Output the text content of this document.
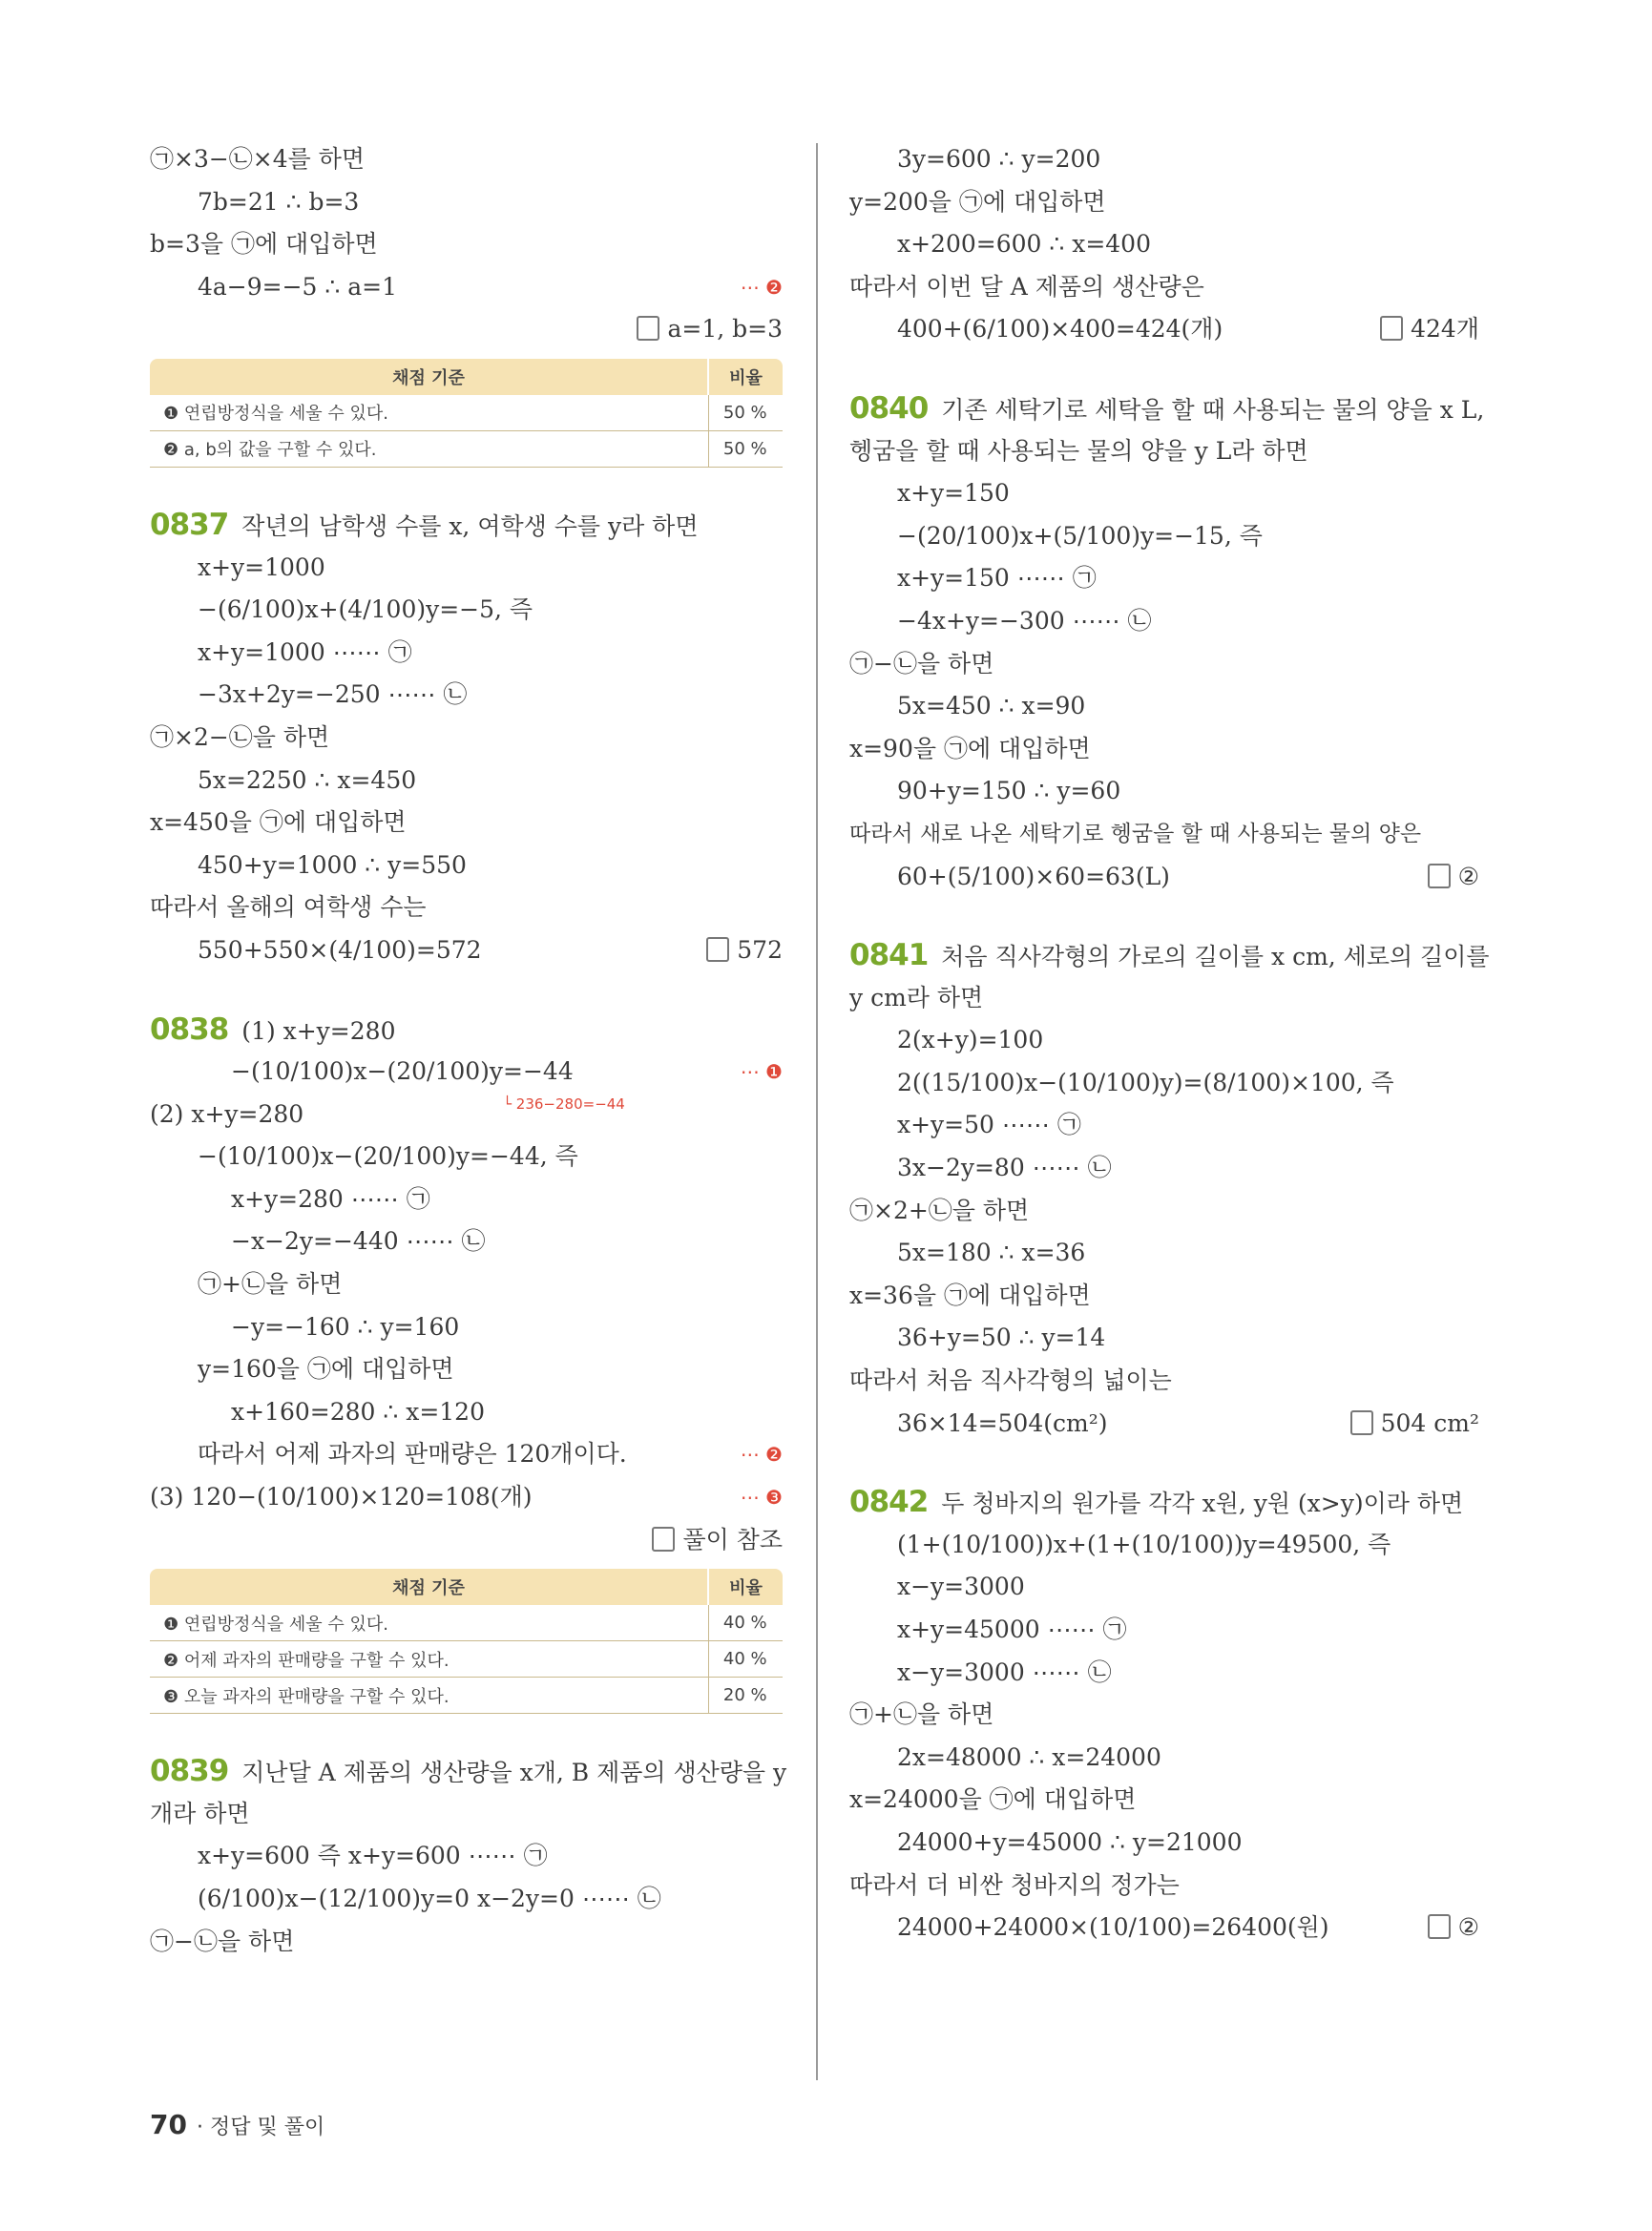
㉠×3−㉡×4를 하면
7b=21 ∴ b=3
b=3을 ㉠에 대입하면
4a−9=−5 ∴ a=1	⋯ ❷
a=1, b=3
채점 기준	비율
❶ 연립방정식을 세울 수 있다.	50 %
❷ a, b의 값을 구할 수 있다.	50 %
0837 작년의 남학생 수를 x, 여학생 수를 y라 하면
x+y=1000
−(6/100)x+(4/100)y=−5, 즉
x+y=1000 ⋯⋯ ㉠
−3x+2y=−250 ⋯⋯ ㉡
㉠×2−㉡을 하면
5x=2250 ∴ x=450
x=450을 ㉠에 대입하면
450+y=1000 ∴ y=550
따라서 올해의 여학생 수는
550+550×(4/100)=572	572
0838 (1) x+y=280
−(10/100)x−(20/100)y=−44	⋯ ❶
└ 236−280=−44
(2) x+y=280
−(10/100)x−(20/100)y=−44, 즉
x+y=280 ⋯⋯ ㉠
−x−2y=−440 ⋯⋯ ㉡
㉠+㉡을 하면
−y=−160 ∴ y=160
y=160을 ㉠에 대입하면
x+160=280 ∴ x=120
따라서 어제 과자의 판매량은 120개이다.	⋯ ❷
(3) 120−(10/100)×120=108(개)	⋯ ❸
풀이 참조
채점 기준	비율
❶ 연립방정식을 세울 수 있다.	40 %
❷ 어제 과자의 판매량을 구할 수 있다.	40 %
❸ 오늘 과자의 판매량을 구할 수 있다.	20 %
0839 지난달 A 제품의 생산량을 x개, B 제품의 생산량을 y
개라 하면
x+y=600 즉 x+y=600 ⋯⋯ ㉠
(6/100)x−(12/100)y=0 x−2y=0 ⋯⋯ ㉡
㉠−㉡을 하면
3y=600 ∴ y=200
y=200을 ㉠에 대입하면
x+200=600 ∴ x=400
따라서 이번 달 A 제품의 생산량은
400+(6/100)×400=424(개)	424개
0840 기존 세탁기로 세탁을 할 때 사용되는 물의 양을 x L,
헹굼을 할 때 사용되는 물의 양을 y L라 하면
x+y=150
−(20/100)x+(5/100)y=−15, 즉
x+y=150 ⋯⋯ ㉠
−4x+y=−300 ⋯⋯ ㉡
㉠−㉡을 하면
5x=450 ∴ x=90
x=90을 ㉠에 대입하면
90+y=150 ∴ y=60
따라서 새로 나온 세탁기로 헹굼을 할 때 사용되는 물의 양은
60+(5/100)×60=63(L)	②
0841 처음 직사각형의 가로의 길이를 x cm, 세로의 길이를
y cm라 하면
2(x+y)=100
2((15/100)x−(10/100)y)=(8/100)×100, 즉
x+y=50 ⋯⋯ ㉠
3x−2y=80 ⋯⋯ ㉡
㉠×2+㉡을 하면
5x=180 ∴ x=36
x=36을 ㉠에 대입하면
36+y=50 ∴ y=14
따라서 처음 직사각형의 넓이는
36×14=504(cm²)	504 cm²
0842 두 청바지의 원가를 각각 x원, y원 (x>y)이라 하면
(1+(10/100))x+(1+(10/100))y=49500, 즉
x−y=3000
x+y=45000 ⋯⋯ ㉠
x−y=3000 ⋯⋯ ㉡
㉠+㉡을 하면
2x=48000 ∴ x=24000
x=24000을 ㉠에 대입하면
24000+y=45000 ∴ y=21000
따라서 더 비싼 청바지의 정가는
24000+24000×(10/100)=26400(원)	②
70 · 정답 및 풀이
